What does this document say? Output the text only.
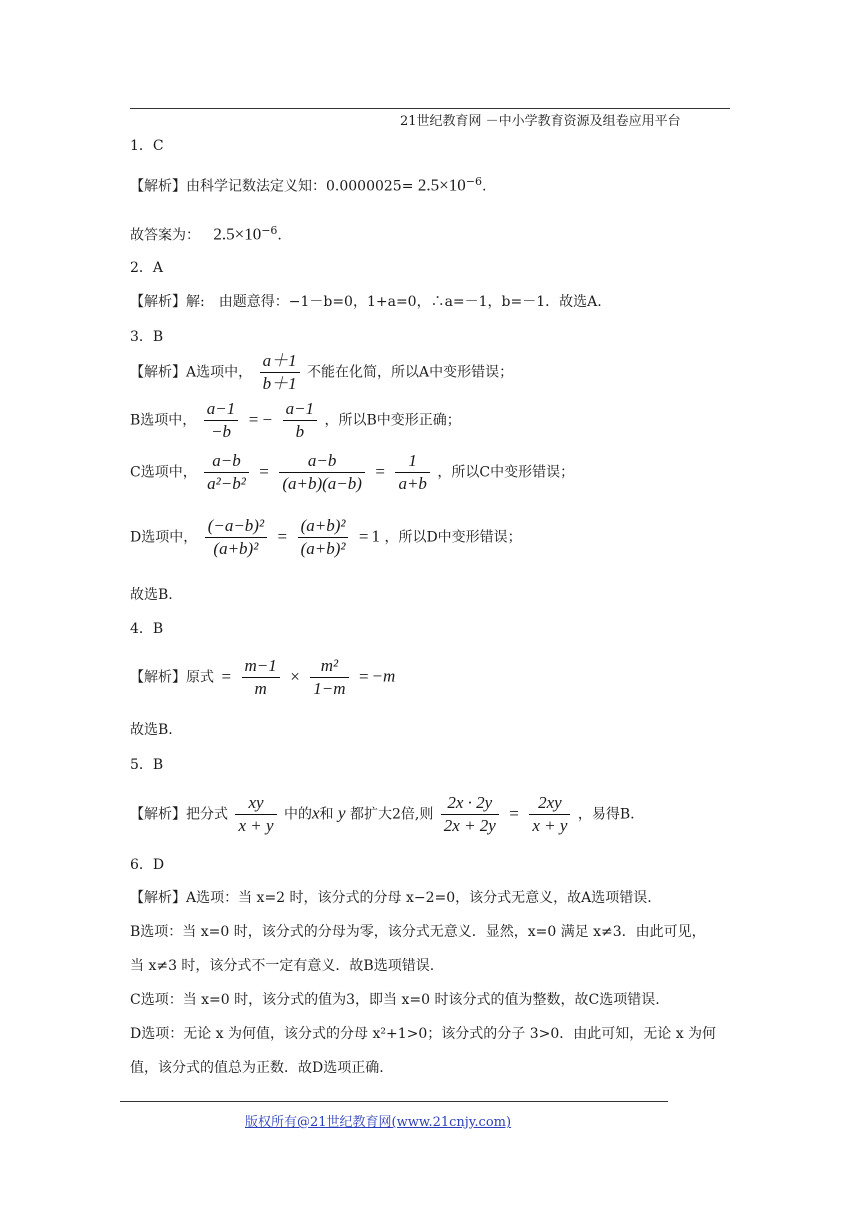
21世纪教育网 －中小学教育资源及组卷应用平台
1．C
【解析】由科学记数法定义知：$0.0000025= 2.5\times 10^{-6}$.
故答案为： $2.5\times 10^{-6}$.
2．A
【解析】解:　由题意得：−1－b=0，1+a=0，∴a=－1，b=－1．故选A.
3．B
【解析】A选项中， $\frac{a+1}{b+1}$ 不能在化简，所以A中变形错误；
B选项中， $\frac{a-1}{-b}$ = − $\frac{a-1}{b}$ ，所以B中变形正确；
C选项中， $\frac{a-b}{\text{a²−b²}} = \frac{a-b}{(a+b)(a-b)} = \frac{1}{a+b}$ ，所以C中变形错误；
D选项中， $\frac{\text{(−a−b)²}}{\text{(a+b)²}} = \frac{\text{(a+b)²}}{\text{(a+b)²}} = 1$ ，所以D中变形错误；
故选B.
4．B
【解析】原式 = $\frac{m-1}{m} \times \frac{\text{m²}}{1-m} = -m$
故选B.
5．B
【解析】把分式 $\frac{xy}{x + y}$ 中的x和 y 都扩大2倍,则 $\frac{2x \cdot 2y}{2x + 2y} = \frac{2xy}{x + y}$ ，易得B.
6．D
【解析】A选项：当 x=2 时，该分式的分母 x−2=0，该分式无意义，故A选项错误.
B选项：当 x=0 时，该分式的分母为零，该分式无意义．显然，x=0 满足 x≠3．由此可见，
当 x≠3 时，该分式不一定有意义．故B选项错误.
C选项：当 x=0 时，该分式的值为3，即当 x=0 时该分式的值为整数，故C选项错误.
D选项：无论 x 为何值，该分式的分母 x²+1>0；该分式的分子 3>0．由此可知，无论 x 为何
值，该分式的值总为正数．故D选项正确.
版权所有@21世纪教育网(www.21cnjy.com)
